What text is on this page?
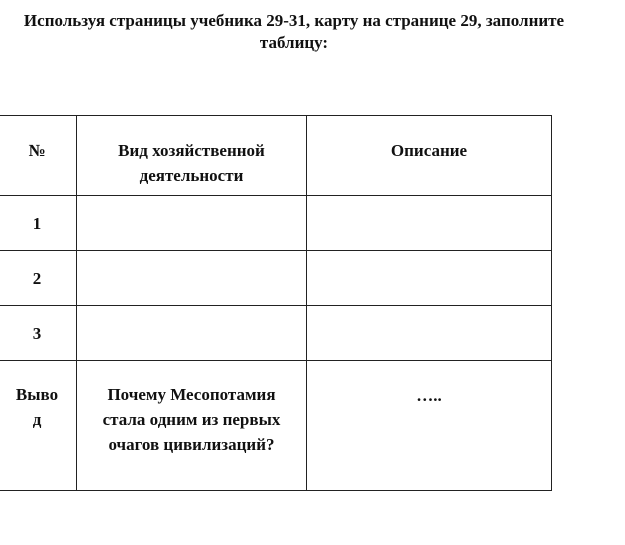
Используя страницы учебника 29-31, карту на странице 29, заполните
таблицу:
№	Вид хозяйственной деятельности	Описание

1		
2		
3		

Вывод	Почему Месопотамия стала одним из первых очагов цивилизаций?	…..
